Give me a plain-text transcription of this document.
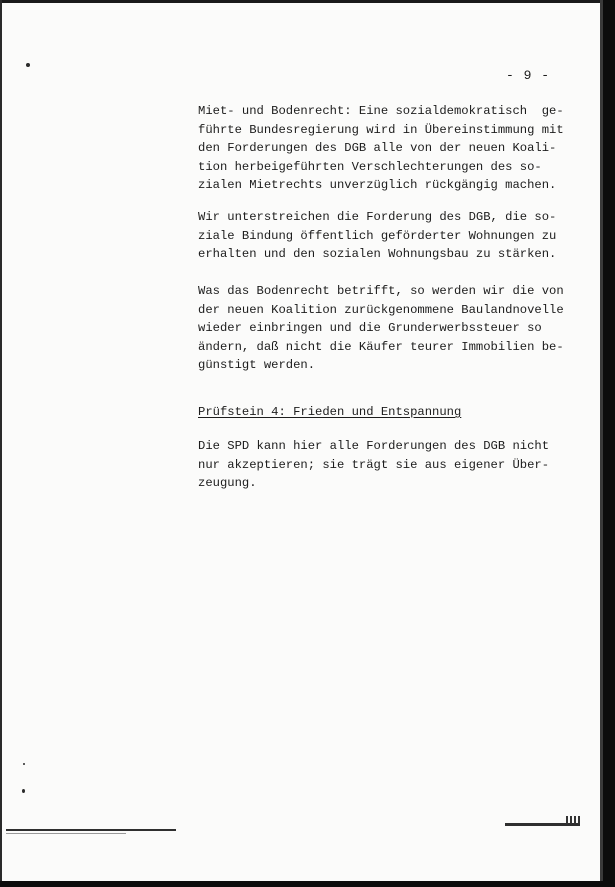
- 9 -
Miet- und Bodenrecht: Eine sozialdemokratisch  ge-
führte Bundesregierung wird in Übereinstimmung mit
den Forderungen des DGB alle von der neuen Koali-
tion herbeigeführten Verschlechterungen des so-
zialen Mietrechts unverzüglich rückgängig machen.
Wir unterstreichen die Forderung des DGB, die so-
ziale Bindung öffentlich geförderter Wohnungen zu
erhalten und den sozialen Wohnungsbau zu stärken.
Was das Bodenrecht betrifft, so werden wir die von
der neuen Koalition zurückgenommene Baulandnovelle
wieder einbringen und die Grunderwerbssteuer so
ändern, daß nicht die Käufer teurer Immobilien be-
günstigt werden.
Prüfstein 4: Frieden und Entspannung
Die SPD kann hier alle Forderungen des DGB nicht
nur akzeptieren; sie trägt sie aus eigener Über-
zeugung.
